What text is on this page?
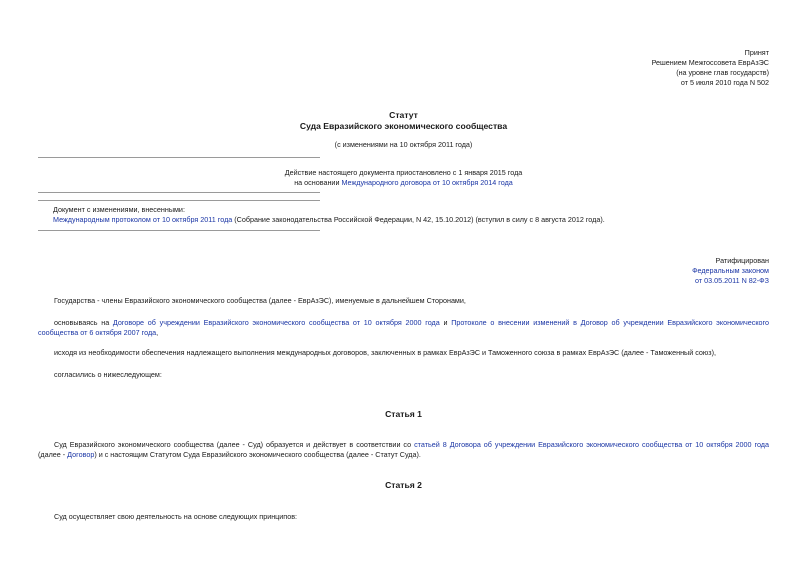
Принят
Решением Межгоссовета ЕврАзЭС
(на уровне глав государств)
от 5 июля 2010 года N 502
Статут
Суда Евразийского экономического сообщества
(с изменениями на 10 октября 2011 года)
Действие настоящего документа приостановлено с 1 января 2015 года
на основании Международного договора от 10 октября 2014 года
Документ с изменениями, внесенными:
Международным протоколом от 10 октября 2011 года (Собрание законодательства Российской Федерации, N 42, 15.10.2012) (вступил в силу с 8 августа 2012 года).
Ратифицирован
Федеральным законом
от 03.05.2011 N 82-ФЗ

Государства - члены Евразийского экономического сообщества (далее - ЕврАзЭС), именуемые в дальнейшем Сторонами,

основываясь на Договоре об учреждении Евразийского экономического сообщества от 10 октября 2000 года и Протоколе о внесении изменений в Договор об учреждении Евразийского экономического сообщества от 6 октября 2007 года,

исходя из необходимости обеспечения надлежащего выполнения международных договоров, заключенных в рамках ЕврАзЭС и Таможенного союза в рамках ЕврАзЭС (далее - Таможенный союз),

согласились о нижеследующем:

Статья 1

Суд Евразийского экономического сообщества (далее - Суд) образуется и действует в соответствии со статьей 8 Договора об учреждении Евразийского экономического сообщества от 10 октября 2000 года (далее - Договор) и с настоящим Статутом Суда Евразийского экономического сообщества (далее - Статут Суда).

Статья 2

Суд осуществляет свою деятельность на основе следующих принципов:
